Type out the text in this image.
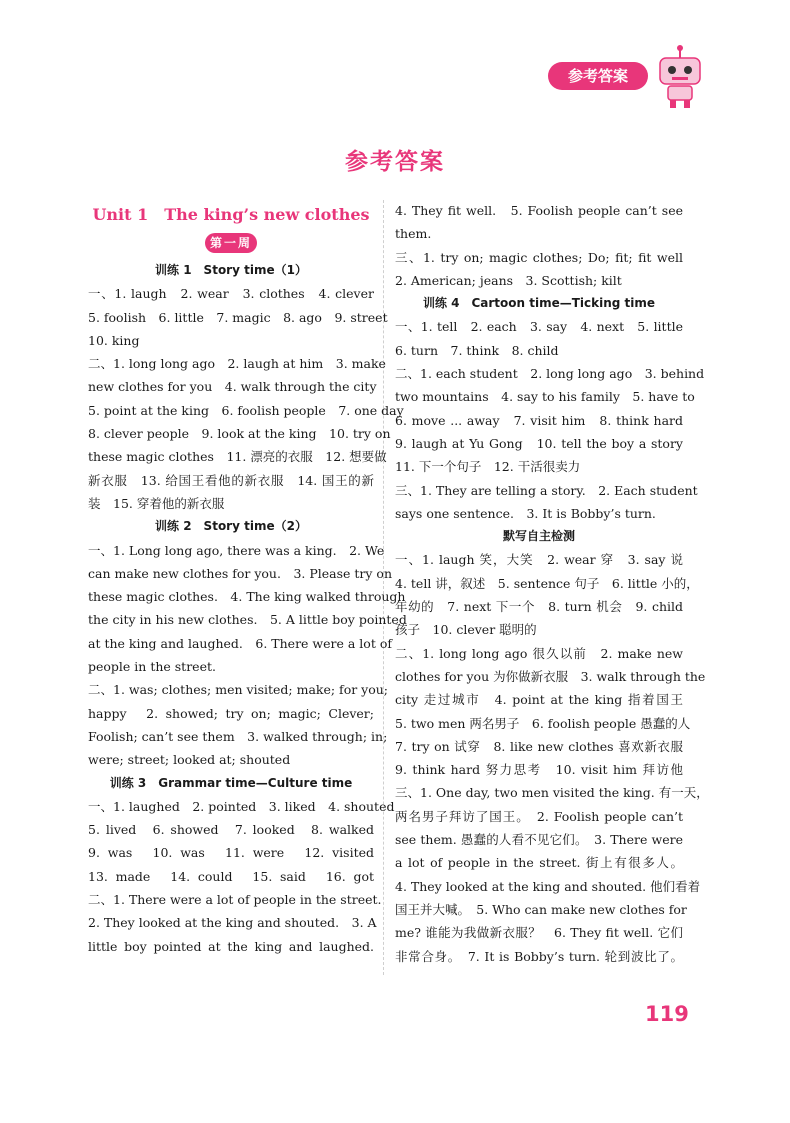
参考答案
参考答案
Unit 1　The king’s new clothes
第一周
训练 1　Story time（1）
一、1. laugh　2. wear　3. clothes　4. clever
5. foolish　6. little　7. magic　8. ago　9. street
10. king
二、1. long long ago　2. laugh at him　3. make
new clothes for you　4. walk through the city
5. point at the king　6. foolish people　7. one day
8. clever people　9. look at the king　10. try on
these magic clothes　11. 漂亮的衣服　12. 想要做
新衣服　13. 给国王看他的新衣服　14. 国王的新
装　15. 穿着他的新衣服
训练 2　Story time（2）
一、1. Long long ago, there was a king.　2. We
can make new clothes for you.　3. Please try on
these magic clothes.　4. The king walked through
the city in his new clothes.　5. A little boy pointed
at the king and laughed.　6. There were a lot of
people in the street.
二、1. was; clothes; men visited; make; for you;
happy　2. showed; try on; magic; Clever;
Foolish; can’t see them　3. walked through; in;
were; street; looked at; shouted
训练 3　Grammar time—Culture time
一、1. laughed　2. pointed　3. liked　4. shouted
5. lived　6. showed　7. looked　8. walked
9. was　10. was　11. were　12. visited
13. made　14. could　15. said　16. got
二、1. There were a lot of people in the street.
2. They looked at the king and shouted.　3. A
little boy pointed at the king and laughed.
4. They fit well.　5. Foolish people can’t see
them.
三、1. try on; magic clothes; Do; fit; fit well
2. American; jeans　3. Scottish; kilt
训练 4　Cartoon time—Ticking time
一、1. tell　2. each　3. say　4. next　5. little
6. turn　7. think　8. child
二、1. each student　2. long long ago　3. behind
two mountains　4. say to his family　5. have to
6. move ... away　7. visit him　8. think hard
9. laugh at Yu Gong　10. tell the boy a story
11. 下一个句子　12. 干活很卖力
三、1. They are telling a story.　2. Each student
says one sentence.　3. It is Bobby’s turn.
默写自主检测
一、1. laugh 笑，大笑　2. wear 穿　3. say 说
4. tell 讲，叙述　5. sentence 句子　6. little 小的，
年幼的　7. next 下一个　8. turn 机会　9. child
孩子　10. clever 聪明的
二、1. long long ago 很久以前　2. make new
clothes for you 为你做新衣服　3. walk through the
city 走过城市　4. point at the king 指着国王
5. two men 两名男子　6. foolish people 愚蠢的人
7. try on 试穿　8. like new clothes 喜欢新衣服
9. think hard 努力思考　10. visit him 拜访他
三、1. One day, two men visited the king. 有一天，
两名男子拜访了国王。　2. Foolish people can’t
see them. 愚蠢的人看不见它们。　3. There were
a lot of people in the street. 街上有很多人。
4. They looked at the king and shouted. 他们看着
国王并大喊。　5. Who can make new clothes for
me? 谁能为我做新衣服？　6. They fit well. 它们
非常合身。　7. It is Bobby’s turn. 轮到波比了。
119
